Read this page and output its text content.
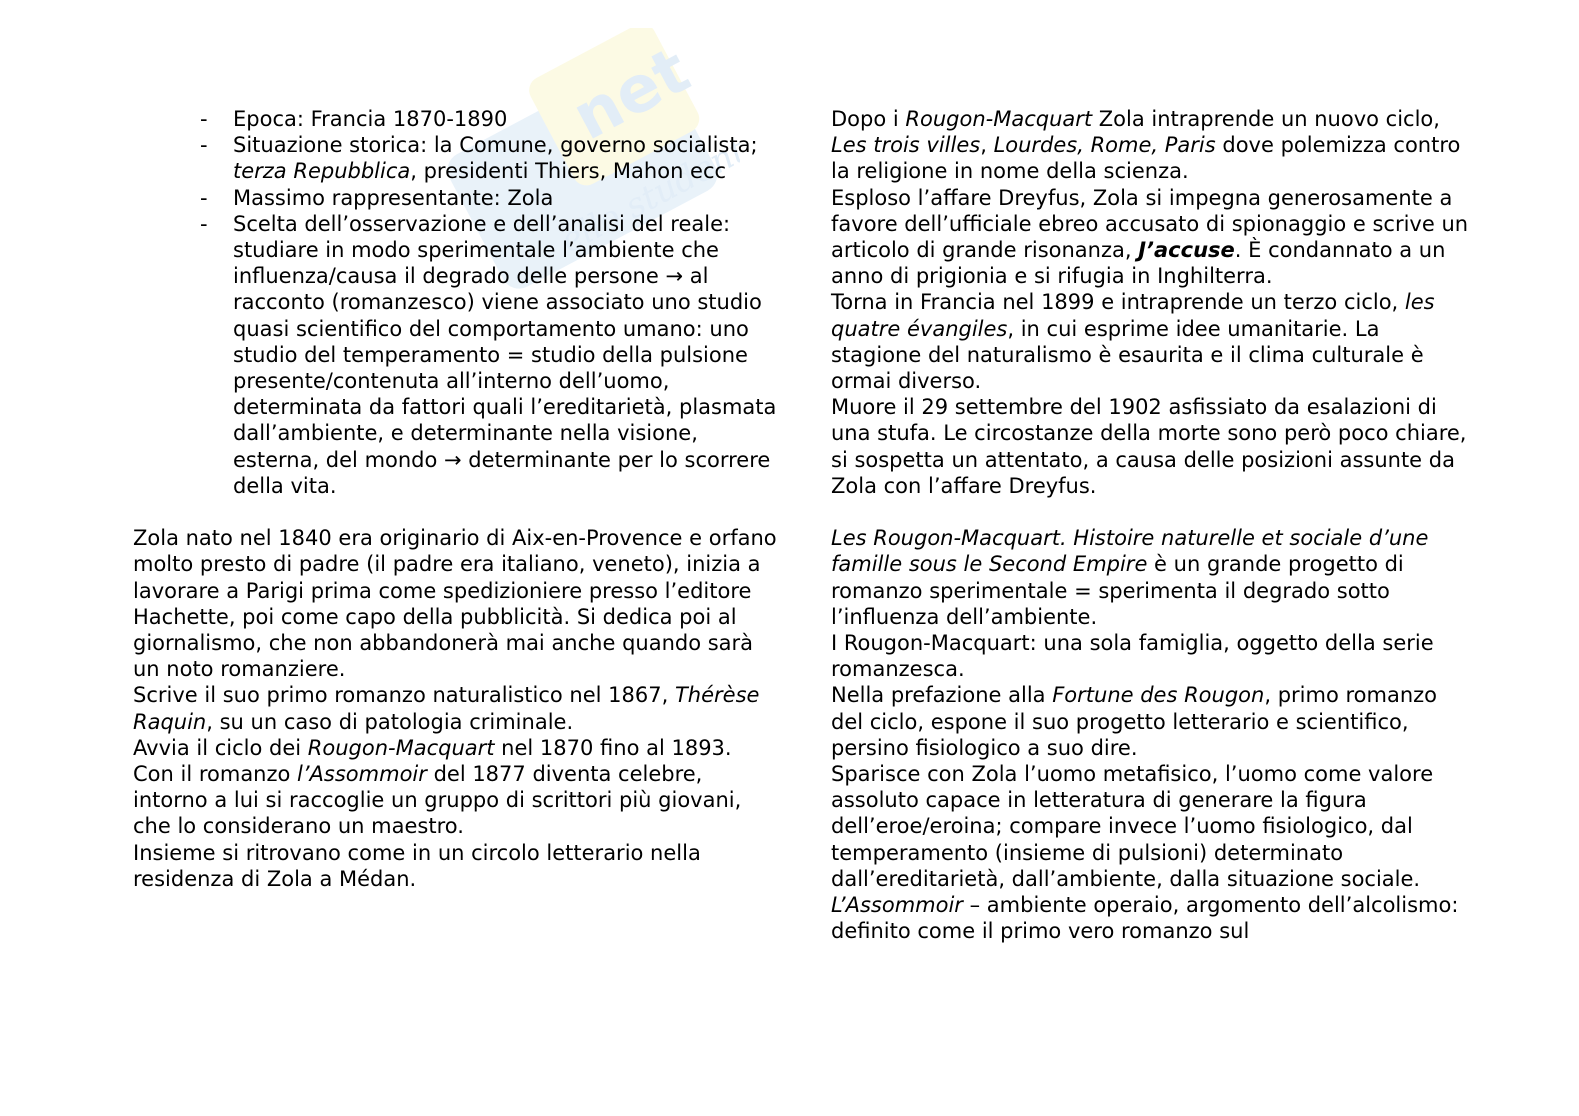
net
ello studente
- Epoca: Francia 1870-1890
- Situazione storica: la Comune, governo socialista; terza Repubblica, presidenti Thiers, Mahon ecc
- Massimo rappresentante: Zola
- Scelta dell’osservazione e dell’analisi del reale: studiare in modo sperimentale l’ambiente che influenza/causa il degrado delle persone → al racconto (romanzesco) viene associato uno studio quasi scientifico del comportamento umano: uno studio del temperamento = studio della pulsione presente/contenuta all’interno dell’uomo, determinata da fattori quali l’ereditarietà, plasmata dall’ambiente, e determinante nella visione, esterna, del mondo → determinante per lo scorrere della vita.

Zola nato nel 1840 era originario di Aix-en-Provence e orfano molto presto di padre (il padre era italiano, veneto), inizia a lavorare a Parigi prima come spedizioniere presso l’editore Hachette, poi come capo della pubblicità. Si dedica poi al giornalismo, che non abbandonerà mai anche quando sarà un noto romanziere.

Scrive il suo primo romanzo naturalistico nel 1867, Thérèse Raquin, su un caso di patologia criminale.

Avvia il ciclo dei Rougon-Macquart nel 1870 fino al 1893.

Con il romanzo l’Assommoir del 1877 diventa celebre, intorno a lui si raccoglie un gruppo di scrittori più giovani, che lo considerano un maestro.

Insieme si ritrovano come in un circolo letterario nella residenza di Zola a Médan.

Dopo i Rougon-Macquart Zola intraprende un nuovo ciclo, Les trois villes, Lourdes, Rome, Paris dove polemizza contro la religione in nome della scienza.

Esploso l’affare Dreyfus, Zola si impegna generosamente a favore dell’ufficiale ebreo accusato di spionaggio e scrive un articolo di grande risonanza, J’accuse. È condannato a un anno di prigionia e si rifugia in Inghilterra.

Torna in Francia nel 1899 e intraprende un terzo ciclo, les quatre évangiles, in cui esprime idee umanitarie. La stagione del naturalismo è esaurita e il clima culturale è ormai diverso.

Muore il 29 settembre del 1902 asfissiato da esalazioni di una stufa. Le circostanze della morte sono però poco chiare, si sospetta un attentato, a causa delle posizioni assunte da Zola con l’affare Dreyfus.

Les Rougon-Macquart. Histoire naturelle et sociale d’une famille sous le Second Empire è un grande progetto di romanzo sperimentale = sperimenta il degrado sotto l’influenza dell’ambiente.

I Rougon-Macquart: una sola famiglia, oggetto della serie romanzesca.

Nella prefazione alla Fortune des Rougon, primo romanzo del ciclo, espone il suo progetto letterario e scientifico, persino fisiologico a suo dire.

Sparisce con Zola l’uomo metafisico, l’uomo come valore assoluto capace in letteratura di generare la figura dell’eroe/eroina; compare invece l’uomo fisiologico, dal temperamento (insieme di pulsioni) determinato dall’ereditarietà, dall’ambiente, dalla situazione sociale.

L’Assommoir – ambiente operaio, argomento dell’alcolismo: definito come il primo vero romanzo sul
